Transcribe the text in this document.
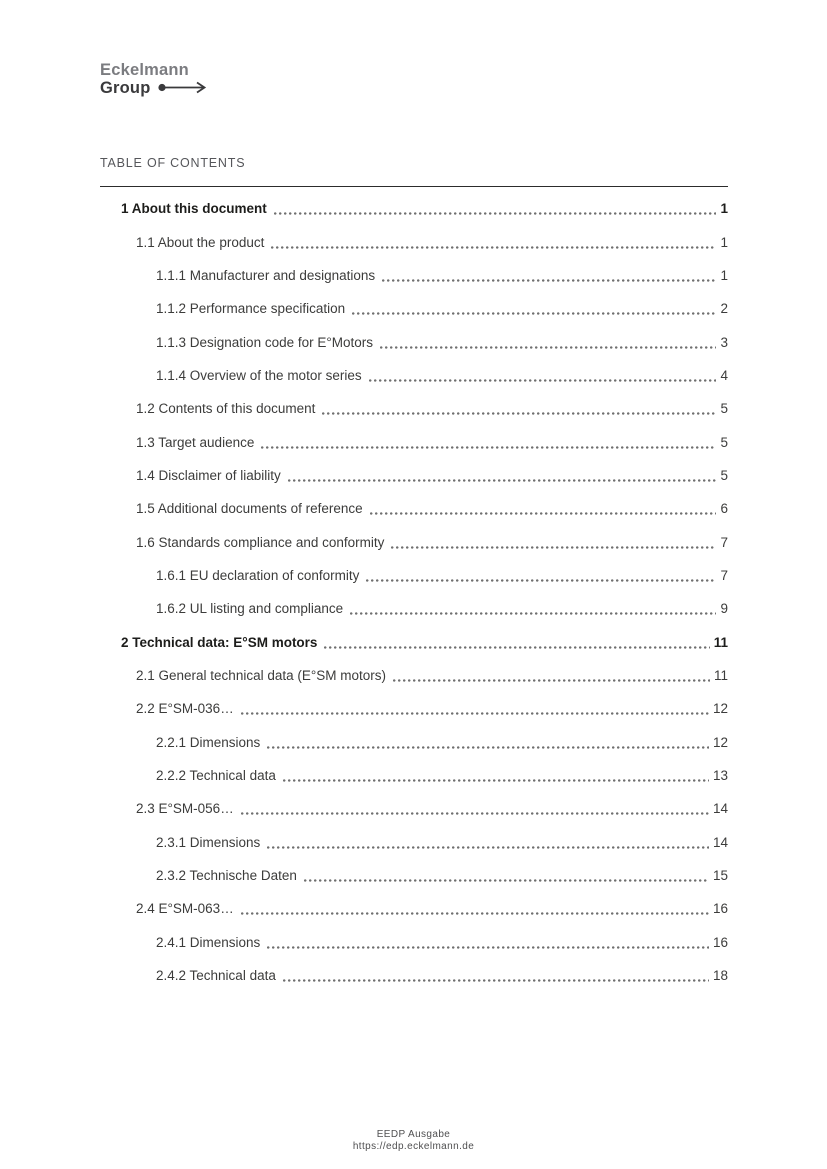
Eckelmann
Group
TABLE OF CONTENTS
1 About this document	1
1.1 About the product	1
1.1.1 Manufacturer and designations	1
1.1.2 Performance specification	2
1.1.3 Designation code for E°Motors	3
1.1.4 Overview of the motor series	4
1.2 Contents of this document	5
1.3 Target audience	5
1.4 Disclaimer of liability	5
1.5 Additional documents of reference	6
1.6 Standards compliance and conformity	7
1.6.1 EU declaration of conformity	7
1.6.2 UL listing and compliance	9
2 Technical data: E°SM motors	11
2.1 General technical data (E°SM motors)	11
2.2 E°SM-036…	12
2.2.1 Dimensions	12
2.2.2 Technical data	13
2.3 E°SM-056…	14
2.3.1 Dimensions	14
2.3.2 Technische Daten	15
2.4 E°SM-063…	16
2.4.1 Dimensions	16
2.4.2 Technical data	18
EEDP Ausgabe
https://edp.eckelmann.de
